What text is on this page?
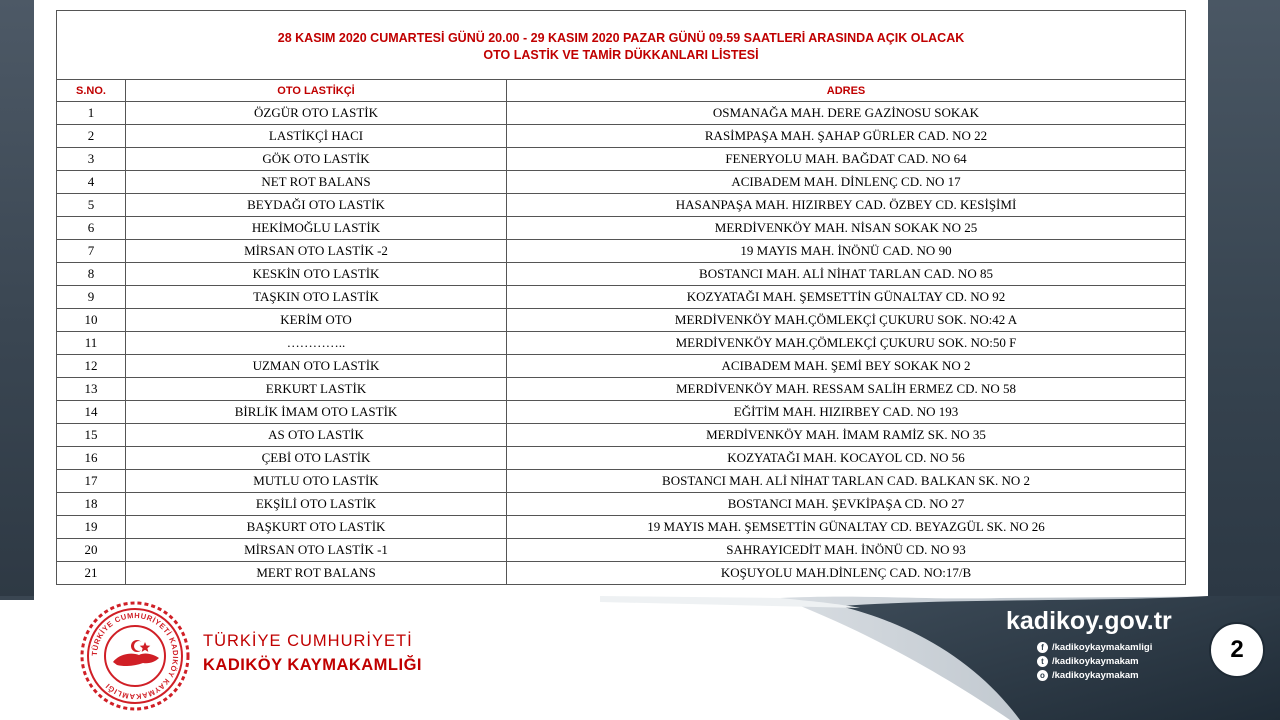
28 KASIM 2020 CUMARTESİ GÜNÜ 20.00 - 29 KASIM 2020 PAZAR GÜNÜ 09.59 SAATLERİ ARASINDA AÇIK OLACAK
OTO LASTİK VE TAMİR DÜKKANLARI LİSTESİ		

S.NO.	OTO LASTİKÇİ	ADRES
1	ÖZGÜR OTO LASTİK	OSMANAĞA MAH. DERE GAZİNOSU SOKAK
2	LASTİKÇİ HACI	RASİMPAŞA MAH. ŞAHAP GÜRLER CAD. NO 22
3	GÖK OTO LASTİK	FENERYOLU MAH. BAĞDAT CAD. NO 64
4	NET ROT BALANS	ACIBADEM MAH. DİNLENÇ CD. NO 17
5	BEYDAĞI OTO LASTİK	HASANPAŞA MAH. HIZIRBEY CAD. ÖZBEY CD. KESİŞİMİ
6	HEKİMOĞLU LASTİK	MERDİVENKÖY MAH. NİSAN SOKAK NO 25
7	MİRSAN OTO LASTİK -2	19 MAYIS MAH. İNÖNÜ CAD. NO 90
8	KESKİN OTO LASTİK	BOSTANCI MAH. ALİ NİHAT TARLAN CAD. NO 85
9	TAŞKIN OTO LASTİK	KOZYATAĞI MAH. ŞEMSETTİN GÜNALTAY CD. NO 92
10	KERİM OTO	MERDİVENKÖY MAH.ÇÖMLEKÇİ ÇUKURU SOK. NO:42 A
11	…………..	MERDİVENKÖY MAH.ÇÖMLEKÇİ ÇUKURU SOK. NO:50 F
12	UZMAN OTO LASTİK	ACIBADEM MAH. ŞEMİ BEY SOKAK NO 2
13	ERKURT LASTİK	MERDİVENKÖY MAH. RESSAM SALİH ERMEZ CD. NO 58
14	BİRLİK İMAM OTO LASTİK	EĞİTİM MAH. HIZIRBEY CAD. NO 193
15	AS OTO LASTİK	MERDİVENKÖY MAH. İMAM RAMİZ SK. NO 35
16	ÇEBİ OTO LASTİK	KOZYATAĞI MAH. KOCAYOL CD. NO 56
17	MUTLU OTO LASTİK	BOSTANCI MAH. ALİ NİHAT TARLAN CAD. BALKAN SK. NO 2
18	EKŞİLİ OTO LASTİK	BOSTANCI MAH. ŞEVKİPAŞA CD. NO 27
19	BAŞKURT OTO LASTİK	19 MAYIS MAH. ŞEMSETTİN GÜNALTAY CD. BEYAZGÜL SK. NO 26
20	MİRSAN OTO LASTİK -1	SAHRAYICEDİT MAH. İNÖNÜ CD. NO 93
21	MERT ROT BALANS	KOŞUYOLU MAH.DİNLENÇ CAD. NO:17/B
TÜRKİYE CUMHURİYETİ KADIKÖY KAYMAKAMLIĞI
TÜRKİYE CUMHURİYETİ
KADIKÖY KAYMAKAMLIĞI
kadikoy.gov.tr
f /kadikoykaymakamligi
t /kadikoykaymakam
o /kadikoykaymakam
2
